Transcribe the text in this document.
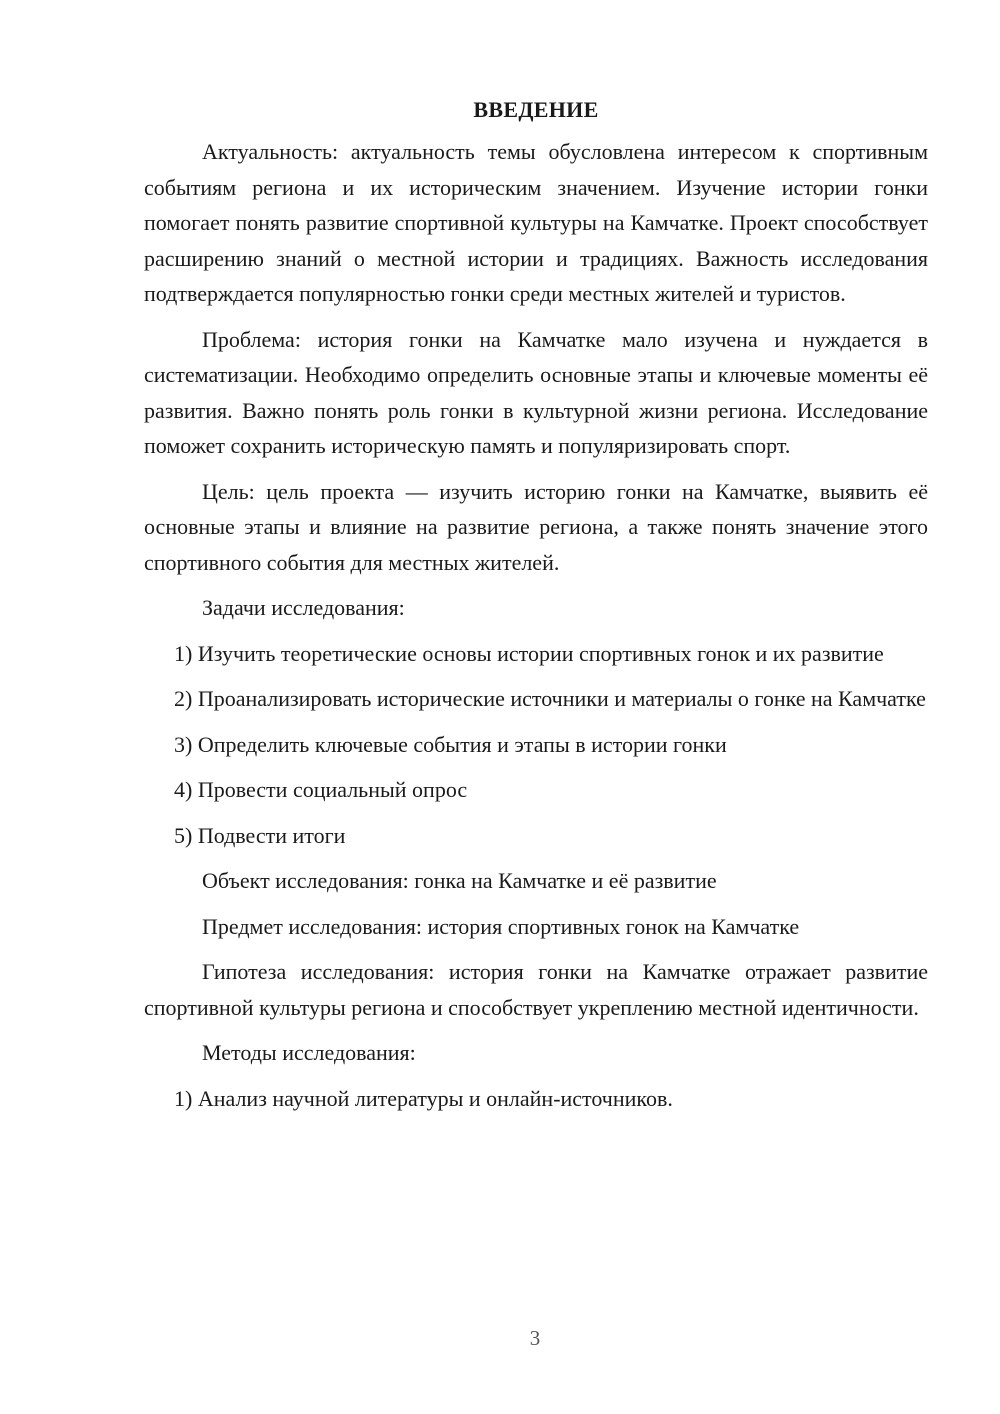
ВВЕДЕНИЕ

Актуальность: актуальность темы обусловлена интересом к спортивным событиям региона и их историческим значением. Изучение истории гонки помогает понять развитие спортивной культуры на Камчатке. Проект способствует расширению знаний о местной истории и традициях. Важность исследования подтверждается популярностью гонки среди местных жителей и туристов.

Проблема: история гонки на Камчатке мало изучена и нуждается в систематизации. Необходимо определить основные этапы и ключевые моменты её развития. Важно понять роль гонки в культурной жизни региона. Исследование поможет сохранить историческую память и популяризировать спорт.

Цель: цель проекта — изучить историю гонки на Камчатке, выявить её основные этапы и влияние на развитие региона, а также понять значение этого спортивного события для местных жителей.

Задачи исследования:

1) Изучить теоретические основы истории спортивных гонок и их развитие

2) Проанализировать исторические источники и материалы о гонке на Камчатке

3) Определить ключевые события и этапы в истории гонки

4) Провести социальный опрос

5) Подвести итоги

Объект исследования: гонка на Камчатке и её развитие

Предмет исследования: история спортивных гонок на Камчатке

Гипотеза исследования: история гонки на Камчатке отражает развитие спортивной культуры региона и способствует укреплению местной идентичности.

Методы исследования:

1) Анализ научной литературы и онлайн-источников.

3
